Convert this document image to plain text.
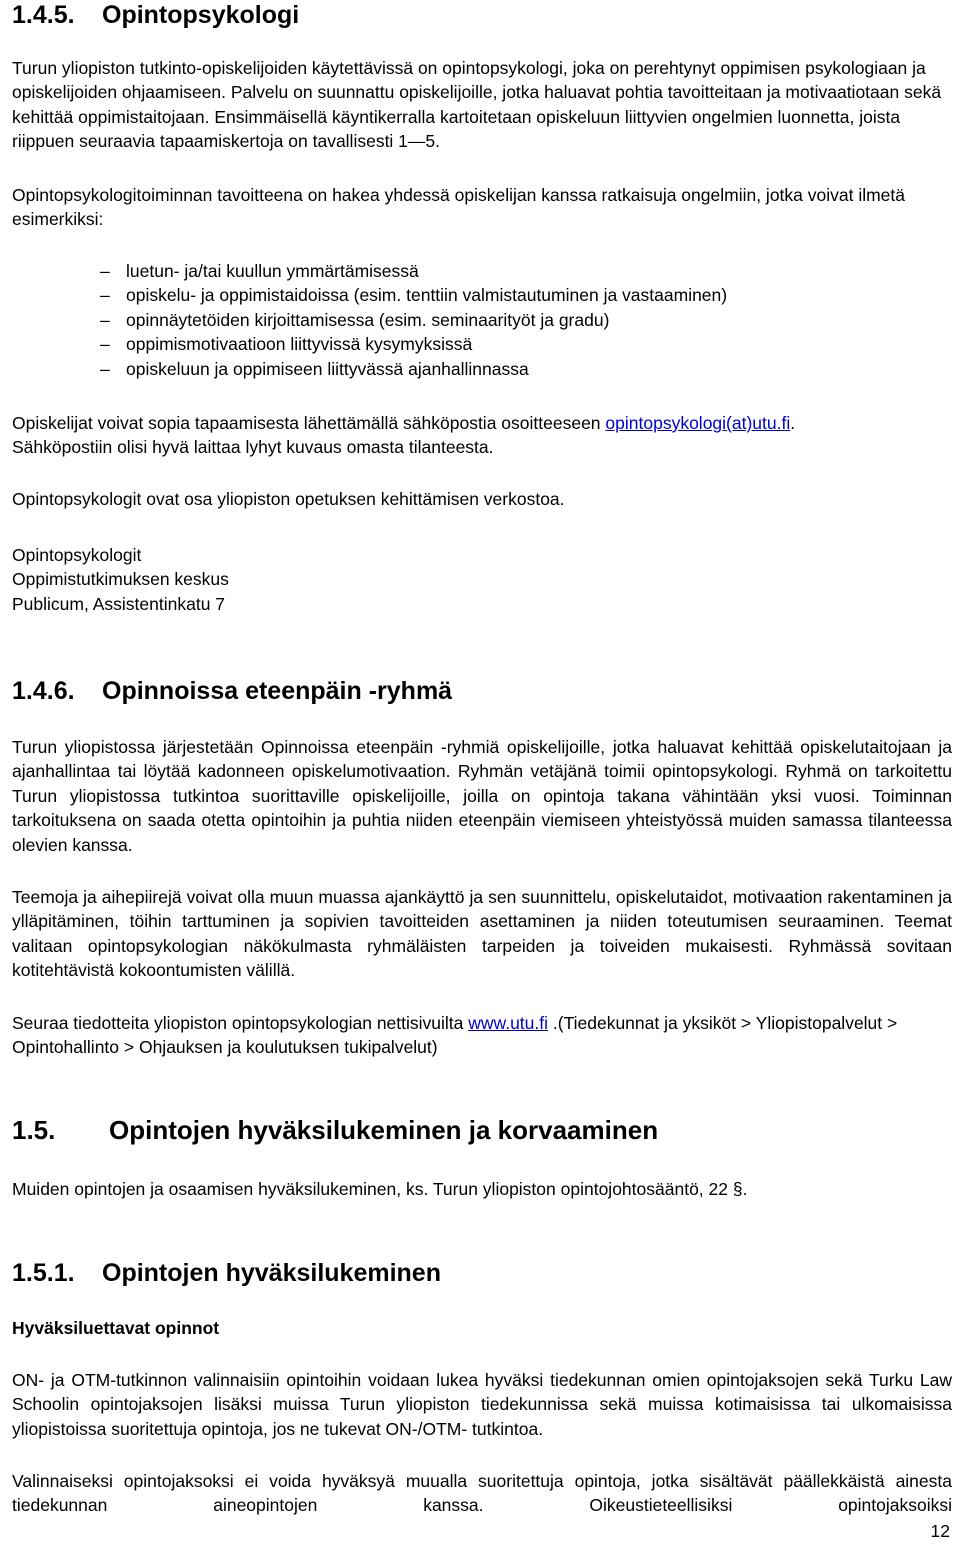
1.4.5. Opintopsykologi

Turun yliopiston tutkinto-opiskelijoiden käytettävissä on opintopsykologi, joka on perehtynyt oppimisen psykologiaan ja opiskelijoiden ohjaamiseen. Palvelu on suunnattu opiskelijoille, jotka haluavat pohtia tavoitteitaan ja motivaatiotaan sekä kehittää oppimistaitojaan. Ensimmäisellä käyntikerralla kartoitetaan opiskeluun liittyvien ongelmien luonnetta, joista riippuen seuraavia tapaamiskertoja on tavallisesti 1—5.

Opintopsykologitoiminnan tavoitteena on hakea yhdessä opiskelijan kanssa ratkaisuja ongelmiin, jotka voivat ilmetä esimerkiksi:

– luetun- ja/tai kuullun ymmärtämisessä
– opiskelu- ja oppimistaidoissa (esim. tenttiin valmistautuminen ja vastaaminen)
– opinnäytetöiden kirjoittamisessa (esim. seminaarityöt ja gradu)
– oppimismotivaatioon liittyvissä kysymyksissä
– opiskeluun ja oppimiseen liittyvässä ajanhallinnassa

Opiskelijat voivat sopia tapaamisesta lähettämällä sähköpostia osoitteeseen opintopsykologi(at)utu.fi.
Sähköpostiin olisi hyvä laittaa lyhyt kuvaus omasta tilanteesta.

Opintopsykologit ovat osa yliopiston opetuksen kehittämisen verkostoa.

Opintopsykologit
Oppimistutkimuksen keskus
Publicum, Assistentinkatu 7

1.4.6. Opinnoissa eteenpäin -ryhmä

Turun yliopistossa järjestetään Opinnoissa eteenpäin -ryhmiä opiskelijoille, jotka haluavat kehittää opiskelutaitojaan ja ajanhallintaa tai löytää kadonneen opiskelumotivaation. Ryhmän vetäjänä toimii opintopsykologi. Ryhmä on tarkoitettu Turun yliopistossa tutkintoa suorittaville opiskelijoille, joilla on opintoja takana vähintään yksi vuosi. Toiminnan tarkoituksena on saada otetta opintoihin ja puhtia niiden eteenpäin viemiseen yhteistyössä muiden samassa tilanteessa olevien kanssa.

Teemoja ja aihepiirejä voivat olla muun muassa ajankäyttö ja sen suunnittelu, opiskelutaidot, motivaation rakentaminen ja ylläpitäminen, töihin tarttuminen ja sopivien tavoitteiden asettaminen ja niiden toteutumisen seuraaminen. Teemat valitaan opintopsykologian näkökulmasta ryhmäläisten tarpeiden ja toiveiden mukaisesti. Ryhmässä sovitaan kotitehtävistä kokoontumisten välillä.

Seuraa tiedotteita yliopiston opintopsykologian nettisivuilta www.utu.fi .(Tiedekunnat ja yksiköt > Yliopistopalvelut > Opintohallinto > Ohjauksen ja koulutuksen tukipalvelut)

1.5. Opintojen hyväksilukeminen ja korvaaminen

Muiden opintojen ja osaamisen hyväksilukeminen, ks. Turun yliopiston opintojohtosääntö, 22 §.

1.5.1. Opintojen hyväksilukeminen

Hyväksiluettavat opinnot

ON- ja OTM-tutkinnon valinnaisiin opintoihin voidaan lukea hyväksi tiedekunnan omien opintojaksojen sekä Turku Law Schoolin opintojaksojen lisäksi muissa Turun yliopiston tiedekunnissa sekä muissa kotimaisissa tai ulkomaisissa yliopistoissa suoritettuja opintoja, jos ne tukevat ON-/OTM- tutkintoa.

Valinnaiseksi opintojaksoksi ei voida hyväksyä muualla suoritettuja opintoja, jotka sisältävät päällekkäistä ainesta tiedekunnan aineopintojen kanssa. Oikeustieteellisiksi opintojaksoiksi

12
